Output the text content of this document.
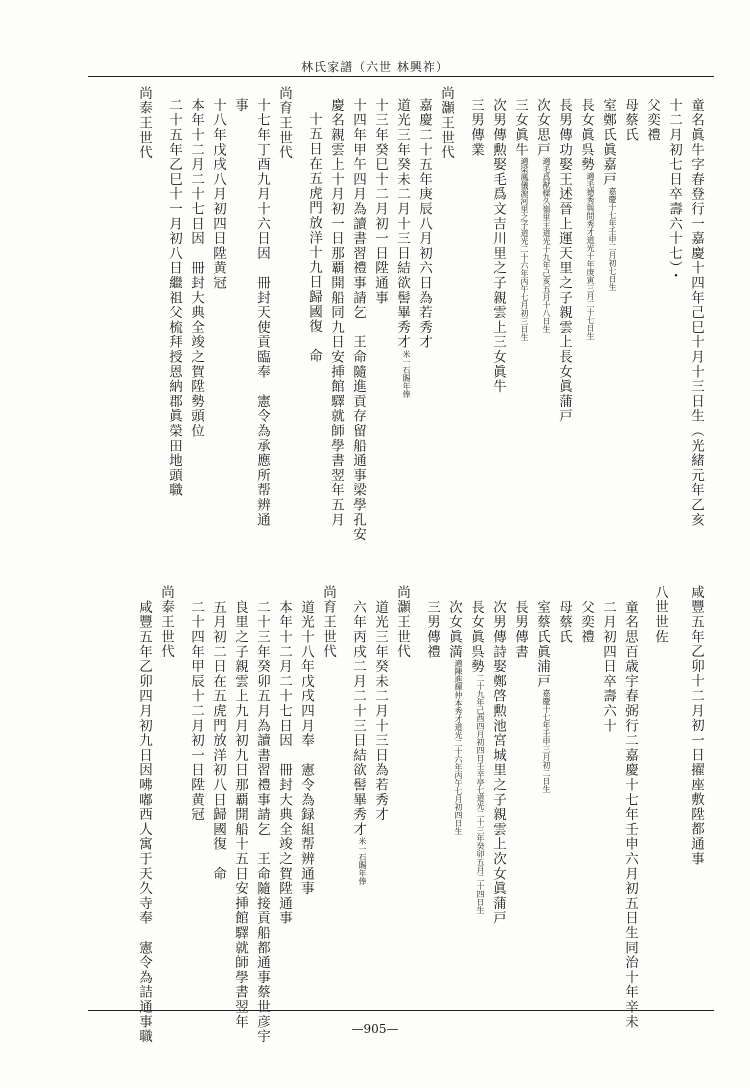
林氏家譜（六世 林興祚）
童名眞牛字春登行一嘉慶十四年己巳十月十三日生（光緒元年乙亥
十二月初七日卒壽六十七）・
父奕禮
母蔡氏
室鄭氏眞嘉戸
嘉慶十七年壬申二月初七日生
長女眞呉勢
道光十年庚寅三月二十七日生
適毛德秀與問秀才
長男傳功娶王述晉上運天里之子親雲上長女眞蒲戸
次女思戸
道光十九年己亥五月十八日生
適毛爲猷樑久嶺里主
三女眞牛
道光二十六年丙午七月初三日生
適梁鳳儀源河里之子
次男傳勲娶毛爲文吉川里之子親雲上三女眞牛
三男傳業
尚灝王世代
嘉慶二十五年庚辰八月初六日為若秀才
道光三年癸未二月十三日結欲髻畢秀才
賜年俸
米一石
十三年癸巳十二月初一日陞通事
十四年甲午四月為讀書習禮事請乞　王命隨進貢存留船通事梁學孔安
慶名親雲上十月初一日那覇開船同九日安挿館驛就師學書翌年五月
十五日在五虎門放洋十九日歸國復　命
尚育王世代
十七年丁酉九月十六日因　冊封天使貢臨奉　憲令為承應所帮辨通
事
十八年戊戌八月初四日陞黄冠
本年十二月二十七日因　冊封大典全竣之賀陞勢頭位
二十五年乙巳十一月初八日繼祖父梳拜授恩納郡眞榮田地頭職
尚泰王世代
咸豐五年乙卯十二月初一日擢座敷陞都通事
八世世佐
童名思百歳宇春弼行二嘉慶十七年壬申六月初五日生同治十年辛未
二月初四日卒壽六十
父奕禮
母蔡氏
室蔡氏眞浦戸
嘉慶十七年壬申三月初二日生
長男傳書
次男傳詩娶鄭啓勲池宮城里之子親雲上次女眞蒲戸
長女眞呉勢
道光二十三年癸卯五月二十四日生
二十九年己酉四月初四日壬辛亭七
次女眞満
道光二十六年丙午七月初四日生
適陳進輝仲本秀才
三男傳禮
尚灝王世代
道光三年癸未二月十三日為若秀才
六年丙戌二月二十三日結欲髻畢秀才
賜年俸
米一石
尚育王世代
道光十八年戊戌四月奉　憲令為録組帮辨通事
本年十二月二十七日因　冊封大典全竣之賀陞通事
二十三年癸卯五月為讀書習禮事請乞　王命隨接貢船都通事蔡世彦宇
良里之子親雲上九月初九日那覇開船十五日安挿館驛就師學書翌年
五月初二日在五虎門放洋初八日歸國復　命
二十四年甲辰十二月初一日陞黄冠
尚泰王世代
咸豐五年乙卯四月初九日因咈嘟西人寓于天久寺奉　憲令為詰通事職	—905—
